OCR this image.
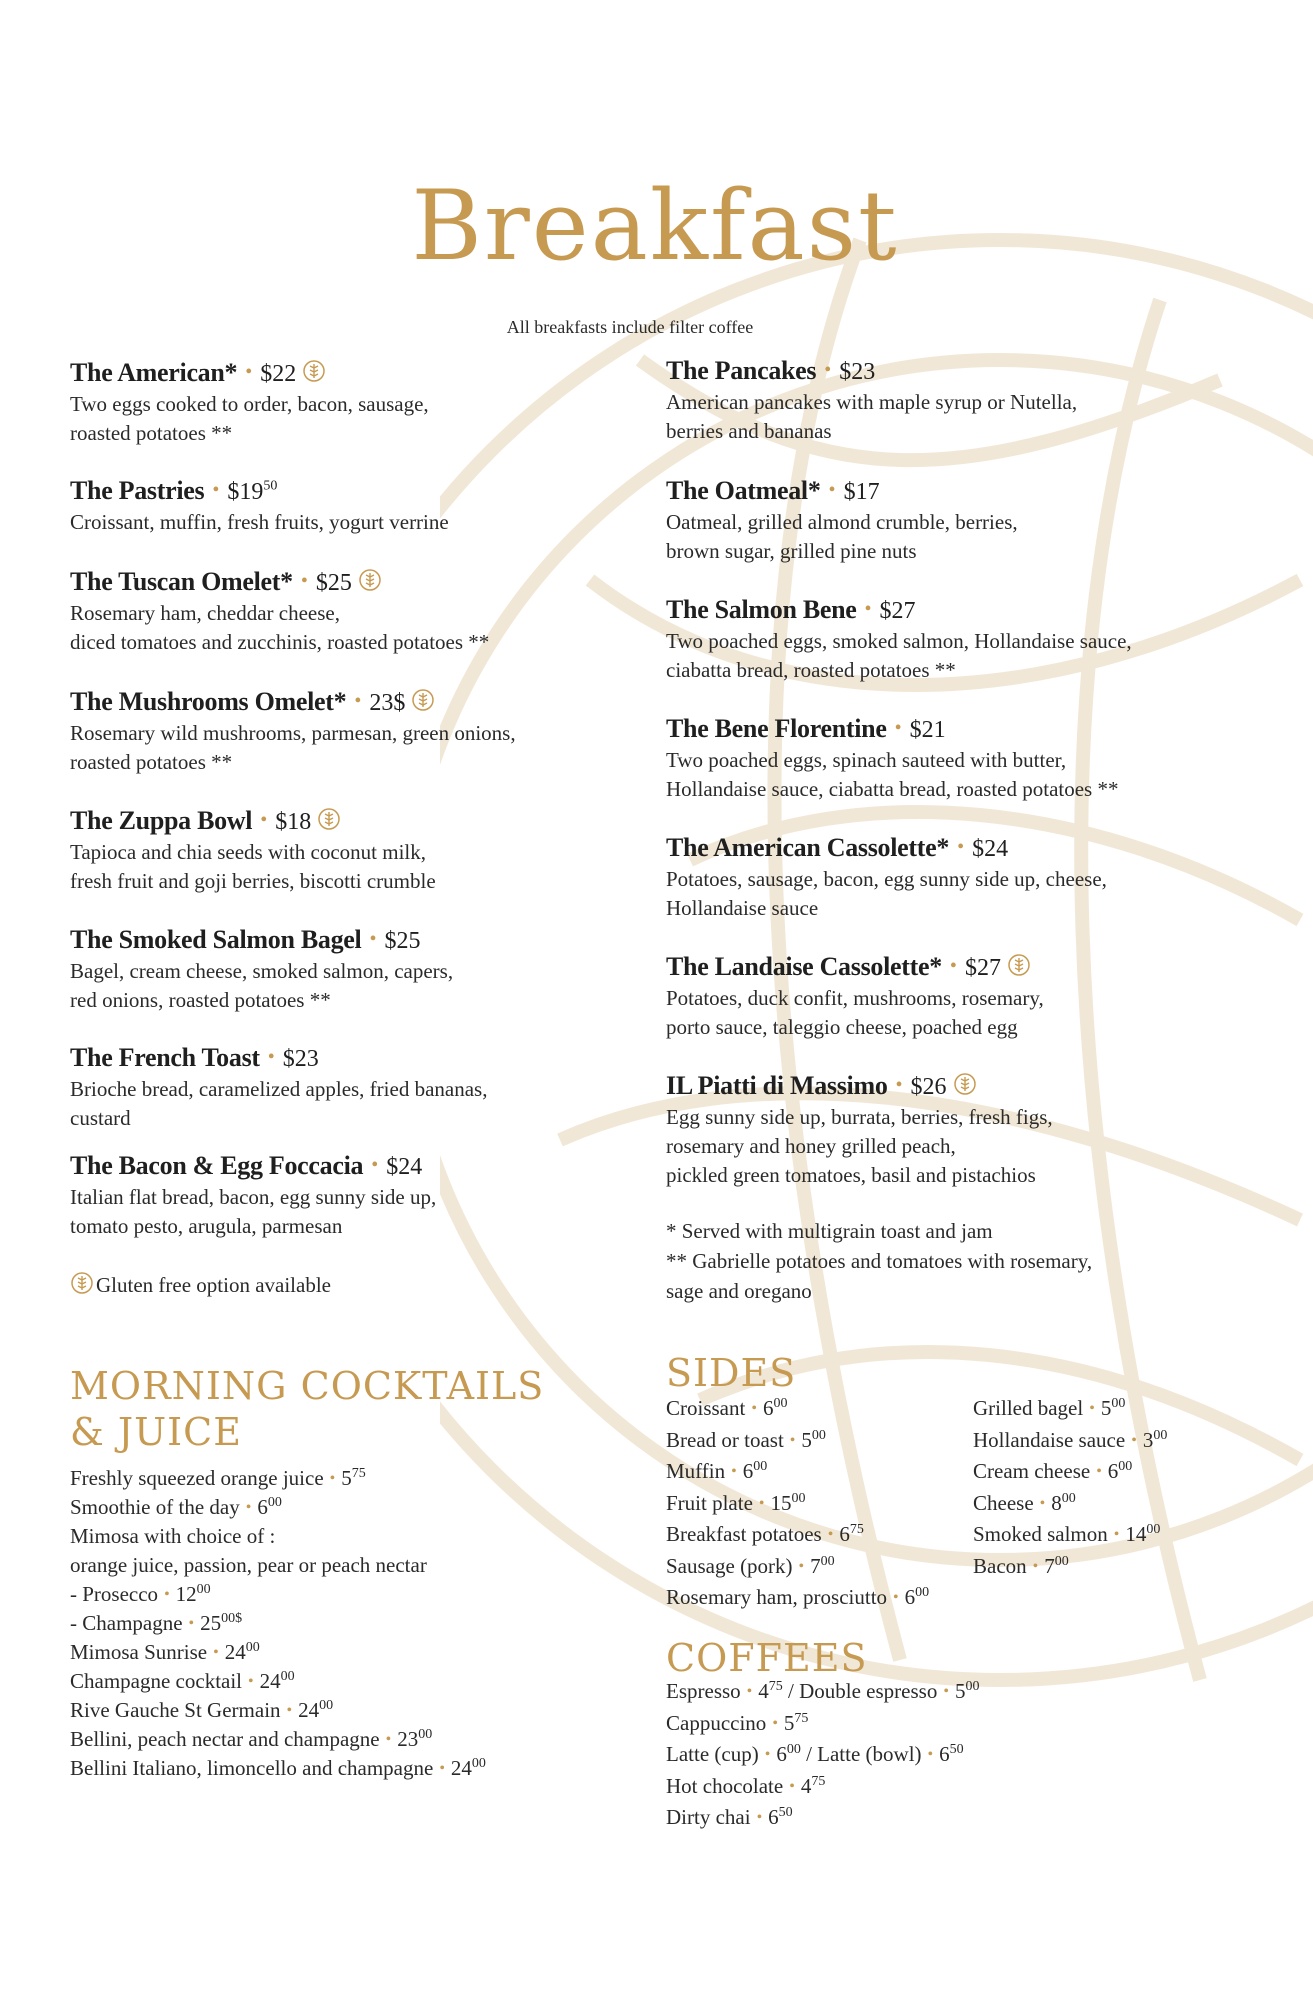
Breakfast
All breakfasts include filter coffee
The American* • $22
Two eggs cooked to order, bacon, sausage,
roasted potatoes **
The Pastries • $\$19^{50}$
Croissant, muffin, fresh fruits, yogurt verrine
The Tuscan Omelet* • $25
Rosemary ham, cheddar cheese,
diced tomatoes and zucchinis, roasted potatoes **
The Mushrooms Omelet* • 23$
Rosemary wild mushrooms, parmesan, green onions,
roasted potatoes **
The Zuppa Bowl • $18
Tapioca and chia seeds with coconut milk,
fresh fruit and goji berries, biscotti crumble
The Smoked Salmon Bagel • $25
Bagel, cream cheese, smoked salmon, capers,
red onions, roasted potatoes **
The French Toast • $23
Brioche bread, caramelized apples, fried bananas,
custard
The Bacon & Egg Foccacia • $24
Italian flat bread, bacon, egg sunny side up,
tomato pesto, arugula, parmesan
The Pancakes • $23
American pancakes with maple syrup or Nutella,
berries and bananas
The Oatmeal* • $17
Oatmeal, grilled almond crumble, berries,
brown sugar, grilled pine nuts
The Salmon Bene • $27
Two poached eggs, smoked salmon, Hollandaise sauce,
ciabatta bread, roasted potatoes **
The Bene Florentine • $21
Two poached eggs, spinach sauteed with butter,
Hollandaise sauce, ciabatta bread, roasted potatoes **
The American Cassolette* • $24
Potatoes, sausage, bacon, egg sunny side up, cheese,
Hollandaise sauce
The Landaise Cassolette* • $27
Potatoes, duck confit, mushrooms, rosemary,
porto sauce, taleggio cheese, poached egg
IL Piatti di Massimo • $26
Egg sunny side up, burrata, berries, fresh figs,
rosemary and honey grilled peach,
pickled green tomatoes, basil and pistachios
Gluten free option available
* Served with multigrain toast and jam
** Gabrielle potatoes and tomatoes with rosemary,
sage and oregano
MORNING COCKTAILS
& JUICE
Freshly squeezed orange juice • $5^{75}$
Smoothie of the day • $6^{00}$
Mimosa with choice of :
orange juice, passion, pear or peach nectar
- Prosecco • $12^{00}$
- Champagne • $25^{00\$}$
Mimosa Sunrise • $24^{00}$
Champagne cocktail • $24^{00}$
Rive Gauche St Germain • $24^{00}$
Bellini, peach nectar and champagne • $23^{00}$
Bellini Italiano, limoncello and champagne • $24^{00}$
SIDES
Croissant • $6^{00}$
Bread or toast • $5^{00}$
Muffin • $6^{00}$
Fruit plate • $15^{00}$
Breakfast potatoes • $6^{75}$
Sausage (pork) • $7^{00}$
Rosemary ham, prosciutto • $6^{00}$
Grilled bagel • $5^{00}$
Hollandaise sauce • $3^{00}$
Cream cheese • $6^{00}$
Cheese • $8^{00}$
Smoked salmon • $14^{00}$
Bacon • $7^{00}$
COFFEES
Espresso • $4^{75}$ / Double espresso • $5^{00}$
Cappuccino • $5^{75}$
Latte (cup) • $6^{00}$ / Latte (bowl) • $6^{50}$
Hot chocolate • $4^{75}$
Dirty chai • $6^{50}$
